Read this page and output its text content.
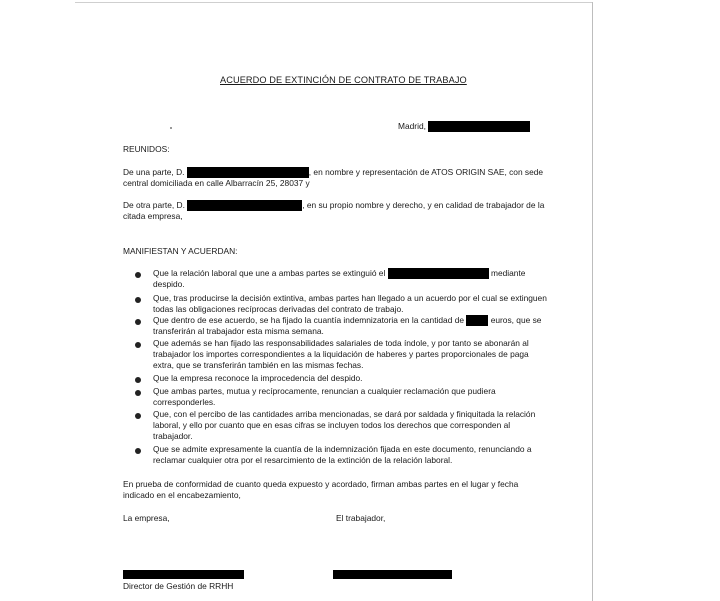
ACUERDO DE EXTINCIÓN DE CONTRATO DE TRABAJO
Madrid,
REUNIDOS:
De una parte, D.	, en nombre y representación de ATOS ORIGIN SAE, con sede
central domiciliada en calle Albarracín 25, 28037 y
De otra parte, D.	, en su propio nombre y derecho, y en calidad de trabajador de la
citada empresa,
MANIFIESTAN Y ACUERDAN:
Que la relación laboral que une a ambas partes se extinguió el	mediante
despido.
Que, tras producirse la decisión extintiva, ambas partes han llegado a un acuerdo por el cual se extinguen
todas las obligaciones recíprocas derivadas del contrato de trabajo.
Que dentro de ese acuerdo, se ha fijado la cuantía indemnizatoria en la cantidad de	euros, que se
transferirán al trabajador esta misma semana.
Que además se han fijado las responsabilidades salariales de toda índole, y por tanto se abonarán al
trabajador los importes correspondientes a la liquidación de haberes y partes proporcionales de paga
extra, que se transferirán también en las mismas fechas.
Que la empresa reconoce la improcedencia del despido.
Que ambas partes, mutua y recíprocamente, renuncian a cualquier reclamación que pudiera
corresponderles.
Que, con el percibo de las cantidades arriba mencionadas, se dará por saldada y finiquitada la relación
laboral, y ello por cuanto que en esas cifras se incluyen todos los derechos que corresponden al
trabajador.
Que se admite expresamente la cuantía de la indemnización fijada en este documento, renunciando a
reclamar cualquier otra por el resarcimiento de la extinción de la relación laboral.
En prueba de conformidad de cuanto queda expuesto y acordado, firman ambas partes en el lugar y fecha
indicado en el encabezamiento,
La empresa,	El trabajador,
Director de Gestión de RRHH
